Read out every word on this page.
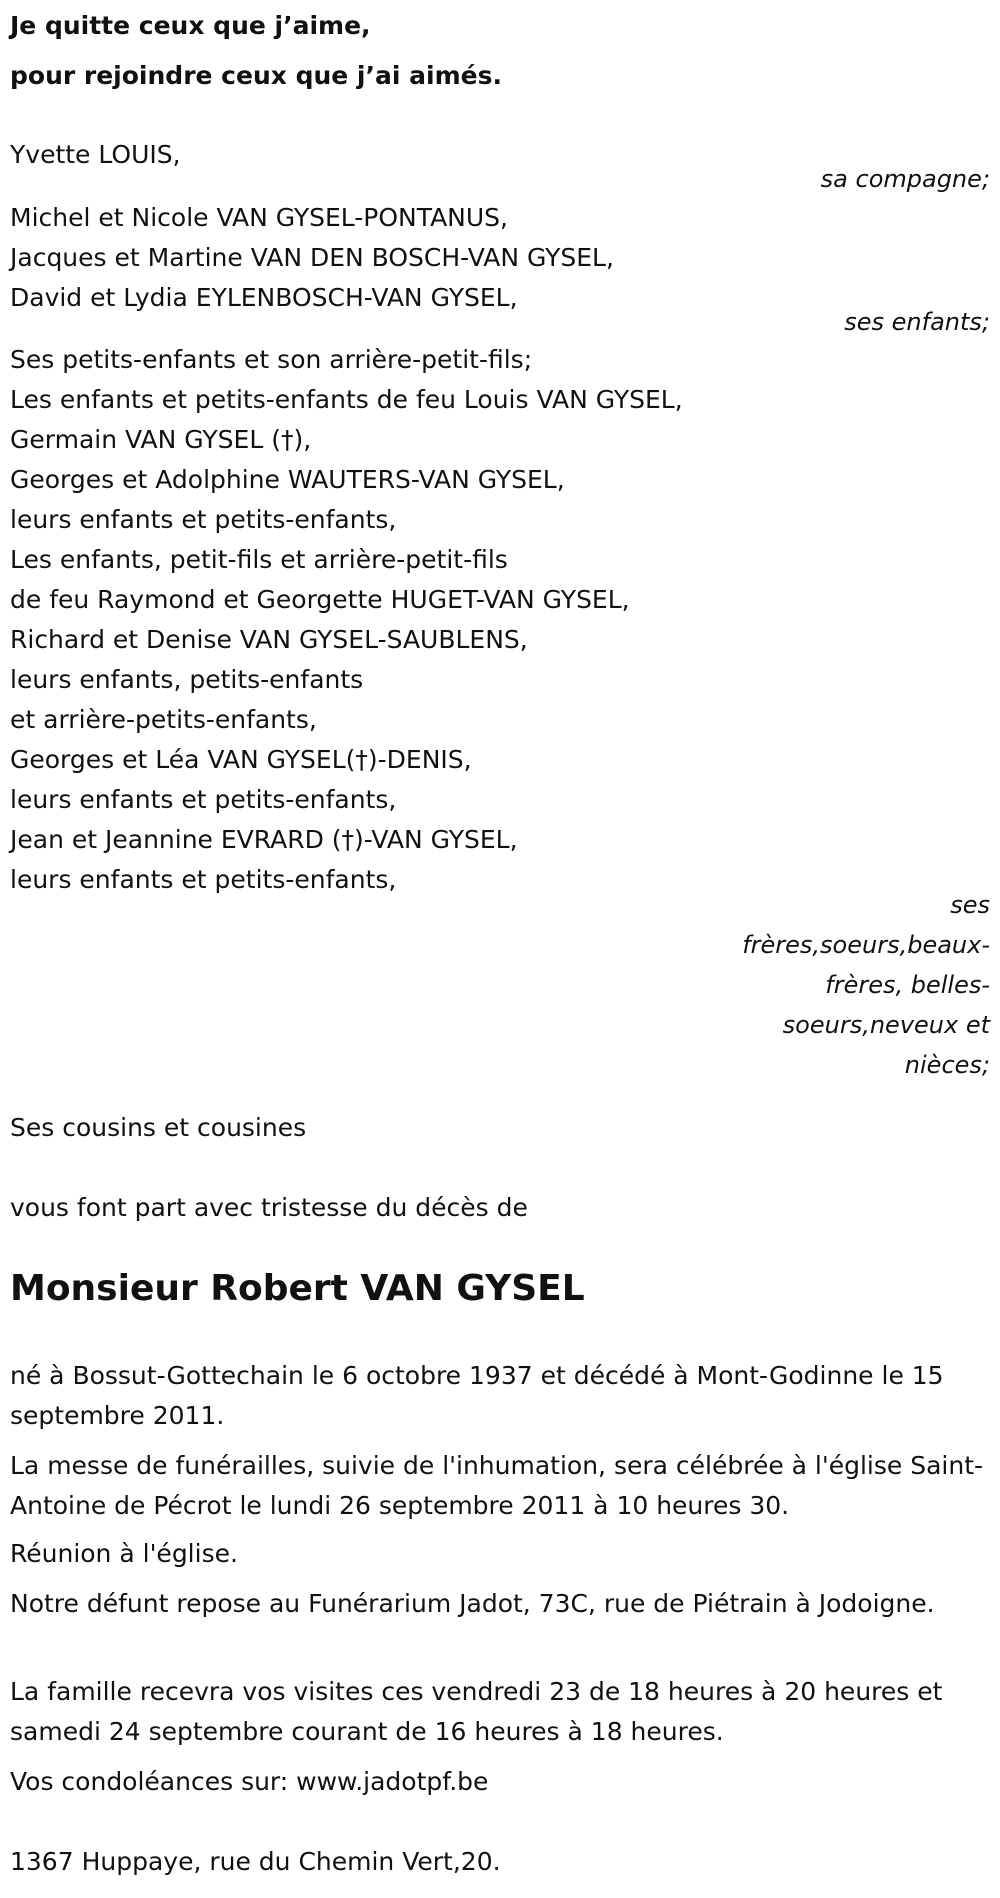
Je quitte ceux que j’aime,
pour rejoindre ceux que j’ai aimés.
Yvette LOUIS,
sa compagne;
Michel et Nicole VAN GYSEL-PONTANUS,
Jacques et Martine VAN DEN BOSCH-VAN GYSEL,
David et Lydia EYLENBOSCH-VAN GYSEL,
ses enfants;
Ses petits-enfants et son arrière-petit-fils;
Les enfants et petits-enfants de feu Louis VAN GYSEL,
Germain VAN GYSEL (†),
Georges et Adolphine WAUTERS-VAN GYSEL,
leurs enfants et petits-enfants,
Les enfants, petit-fils et arrière-petit-fils
de feu Raymond et Georgette HUGET-VAN GYSEL,
Richard et Denise VAN GYSEL-SAUBLENS,
leurs enfants, petits-enfants
et arrière-petits-enfants,
Georges et Léa VAN GYSEL(†)-DENIS,
leurs enfants et petits-enfants,
Jean et Jeannine EVRARD (†)-VAN GYSEL,
leurs enfants et petits-enfants,
ses frères,soeurs,beaux-frères, belles-soeurs,neveux et nièces;
Ses cousins et cousines
vous font part avec tristesse du décès de
Monsieur Robert VAN GYSEL
né à Bossut-Gottechain le 6 octobre 1937 et décédé à Mont-Godinne le 15 septembre 2011.
La messe de funérailles, suivie de l'inhumation, sera célébrée à l'église Saint-Antoine de Pécrot le lundi 26 septembre 2011 à 10 heures 30.
Réunion à l'église.
Notre défunt repose au Funérarium Jadot, 73C, rue de Piétrain à Jodoigne.
La famille recevra vos visites ces vendredi 23 de 18 heures à 20 heures et samedi 24 septembre courant de 16 heures à 18 heures.
Vos condoléances sur: www.jadotpf.be
1367 Huppaye, rue du Chemin Vert,20.
